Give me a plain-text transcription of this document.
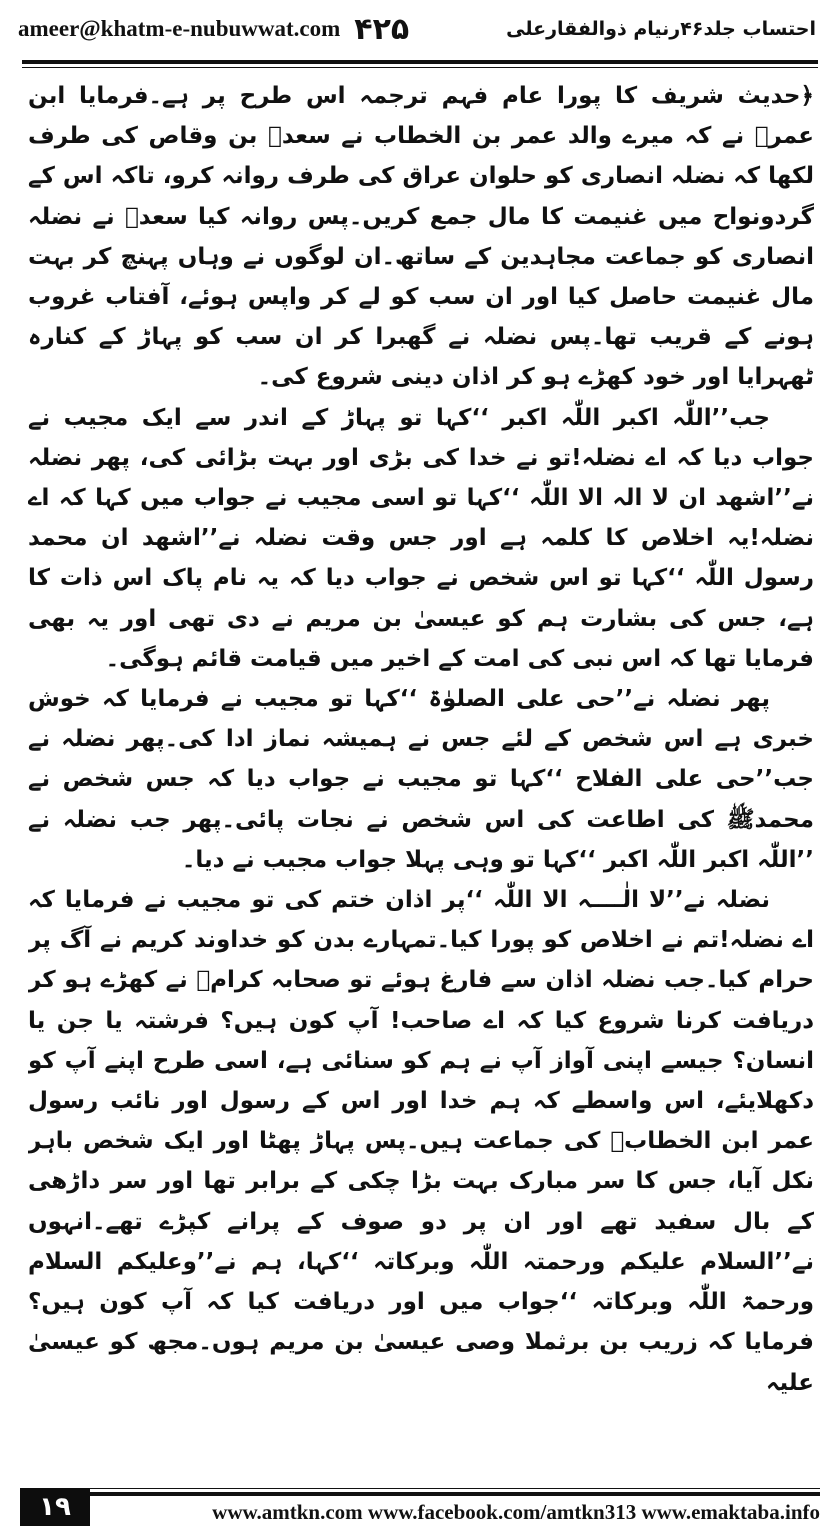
ameer@khatm-e-nubuwwat.com ۴۲۵	احتساب جلد۴۶رنیام ذوالفقارعلی

﴿حدیث شریف کا پورا عام فہم ترجمہ اس طرح پر ہے۔فرمایا ابن عمرؓ نے کہ میرے والد عمر بن الخطاب نے سعدؓ بن وقاص کی طرف لکھا کہ نضلہ انصاری کو حلوان عراق کی طرف روانہ کرو، تاکہ اس کے گردونواح میں غنیمت کا مال جمع کریں۔پس روانہ کیا سعدؓ نے نضلہ انصاری کو جماعت مجاہدین کے ساتھ۔ان لوگوں نے وہاں پہنچ کر بہت مال غنیمت حاصل کیا اور ان سب کو لے کر واپس ہوئے، آفتاب غروب ہونے کے قریب تھا۔پس نضلہ نے گھبرا کر ان سب کو پہاڑ کے کنارہ ٹھہرایا اور خود کھڑے ہو کر اذان دینی شروع کی۔

جب’’اللّٰہ اکبر اللّٰہ اکبر ‘‘کہا تو پہاڑ کے اندر سے ایک مجیب نے جواب دیا کہ اے نضلہ!تو نے خدا کی بڑی اور بہت بڑائی کی، پھر نضلہ نے’’اشھد ان لا الہ الا اللّٰہ ‘‘کہا تو اسی مجیب نے جواب میں کہا کہ اے نضلہ!یہ اخلاص کا کلمہ ہے اور جس وقت نضلہ نے’’اشھد ان محمد رسول اللّٰہ ‘‘کہا تو اس شخص نے جواب دیا کہ یہ نام پاک اس ذات کا ہے، جس کی بشارت ہم کو عیسیٰ بن مریم نے دی تھی اور یہ بھی فرمایا تھا کہ اس نبی کی امت کے اخیر میں قیامت قائم ہوگی۔

پھر نضلہ نے’’حی علی الصلوٰۃ ‘‘کہا تو مجیب نے فرمایا کہ خوش خبری ہے اس شخص کے لئے جس نے ہمیشہ نماز ادا کی۔پھر نضلہ نے جب’’حی علی الفلاح ‘‘کہا تو مجیب نے جواب دیا کہ جس شخص نے محمدﷺ کی اطاعت کی اس شخص نے نجات پائی۔پھر جب نضلہ نے ’’اللّٰہ اکبر اللّٰہ اکبر ‘‘کہا تو وہی پہلا جواب مجیب نے دیا۔

نضلہ نے’’لا الٰــــہ الا اللّٰہ ‘‘پر اذان ختم کی تو مجیب نے فرمایا کہ اے نضلہ!تم نے اخلاص کو پورا کیا۔تمہارے بدن کو خداوند کریم نے آگ پر حرام کیا۔جب نضلہ اذان سے فارغ ہوئے تو صحابہ کرامؓ نے کھڑے ہو کر دریافت کرنا شروع کیا کہ اے صاحب! آپ کون ہیں؟ فرشتہ یا جن یا انسان؟ جیسے اپنی آواز آپ نے ہم کو سنائی ہے، اسی طرح اپنے آپ کو دکھلایئے، اس واسطے کہ ہم خدا اور اس کے رسول اور نائب رسول عمر ابن الخطابؓ کی جماعت ہیں۔پس پہاڑ پھٹا اور ایک شخص باہر نکل آیا، جس کا سر مبارک بہت بڑا چکی کے برابر تھا اور سر داڑھی کے بال سفید تھے اور ان پر دو صوف کے پرانے کپڑے تھے۔انہوں نے’’السلام علیکم ورحمتہ اللّٰہ وبرکاتہ ‘‘کہا، ہم نے’’وعلیکم السلام ورحمۃ اللّٰہ وبرکاتہ ‘‘جواب میں اور دریافت کیا کہ آپ کون ہیں؟ فرمایا کہ زریب بن برثملا وصی عیسیٰ بن مریم ہوں۔مجھ کو عیسیٰ علیہ

۱۹	www.amtkn.com www.facebook.com/amtkn313 www.emaktaba.info
